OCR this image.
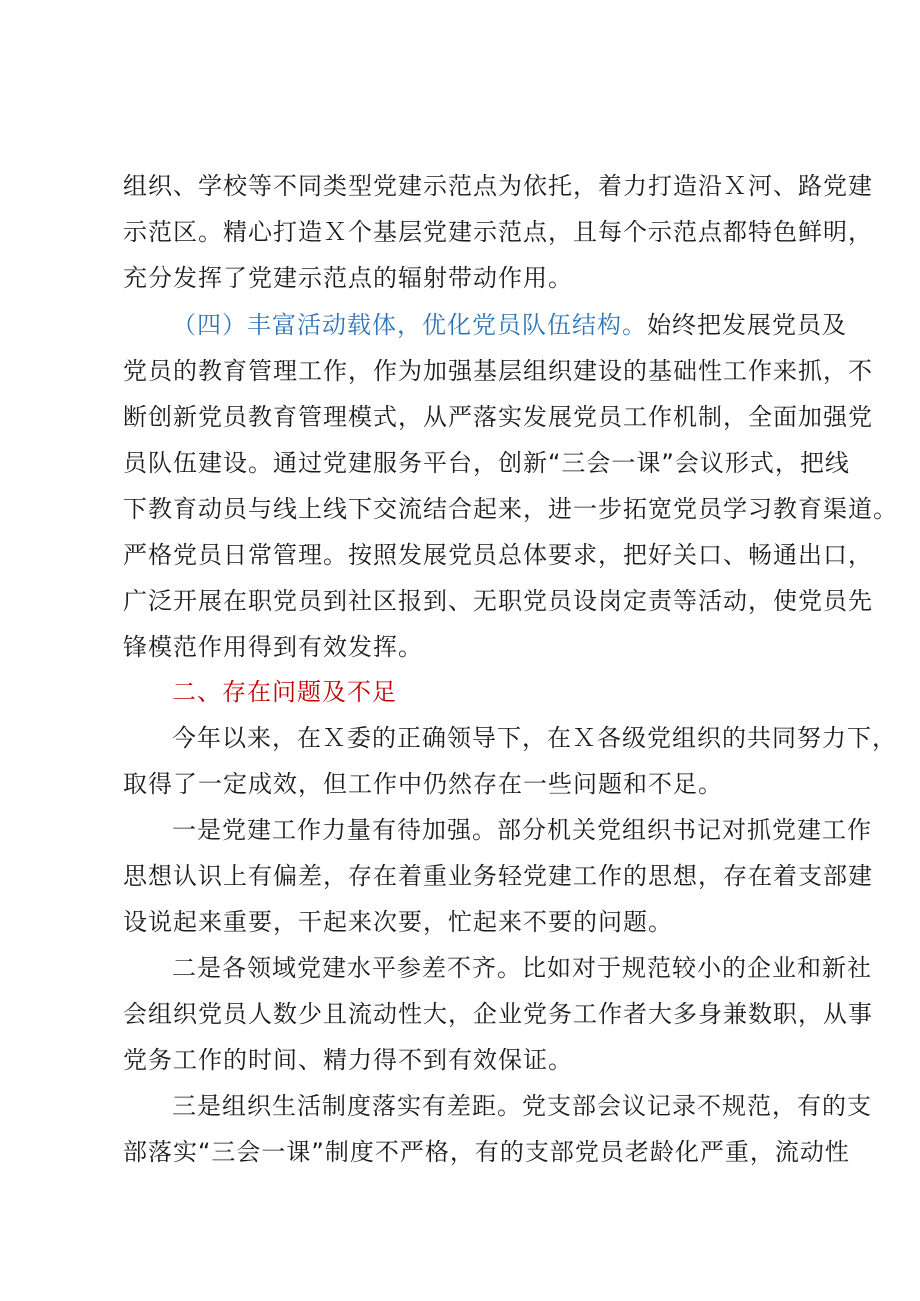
组织、学校等不同类型党建示范点为依托，着力打造沿Ｘ河、路党建
示范区。精心打造Ｘ个基层党建示范点，且每个示范点都特色鲜明，
充分发挥了党建示范点的辐射带动作用。
（四）丰富活动载体，优化党员队伍结构。始终把发展党员及
党员的教育管理工作，作为加强基层组织建设的基础性工作来抓，不
断创新党员教育管理模式，从严落实发展党员工作机制，全面加强党
员队伍建设。通过党建服务平台，创新“三会一课”会议形式，把线
下教育动员与线上线下交流结合起来，进一步拓宽党员学习教育渠道。
严格党员日常管理。按照发展党员总体要求，把好关口、畅通出口，
广泛开展在职党员到社区报到、无职党员设岗定责等活动，使党员先
锋模范作用得到有效发挥。
二、存在问题及不足
今年以来，在Ｘ委的正确领导下，在Ｘ各级党组织的共同努力下，
取得了一定成效，但工作中仍然存在一些问题和不足。
一是党建工作力量有待加强。部分机关党组织书记对抓党建工作
思想认识上有偏差，存在着重业务轻党建工作的思想，存在着支部建
设说起来重要，干起来次要，忙起来不要的问题。
二是各领域党建水平参差不齐。比如对于规范较小的企业和新社
会组织党员人数少且流动性大，企业党务工作者大多身兼数职，从事
党务工作的时间、精力得不到有效保证。
三是组织生活制度落实有差距。党支部会议记录不规范，有的支
部落实“三会一课”制度不严格，有的支部党员老龄化严重，流动性
